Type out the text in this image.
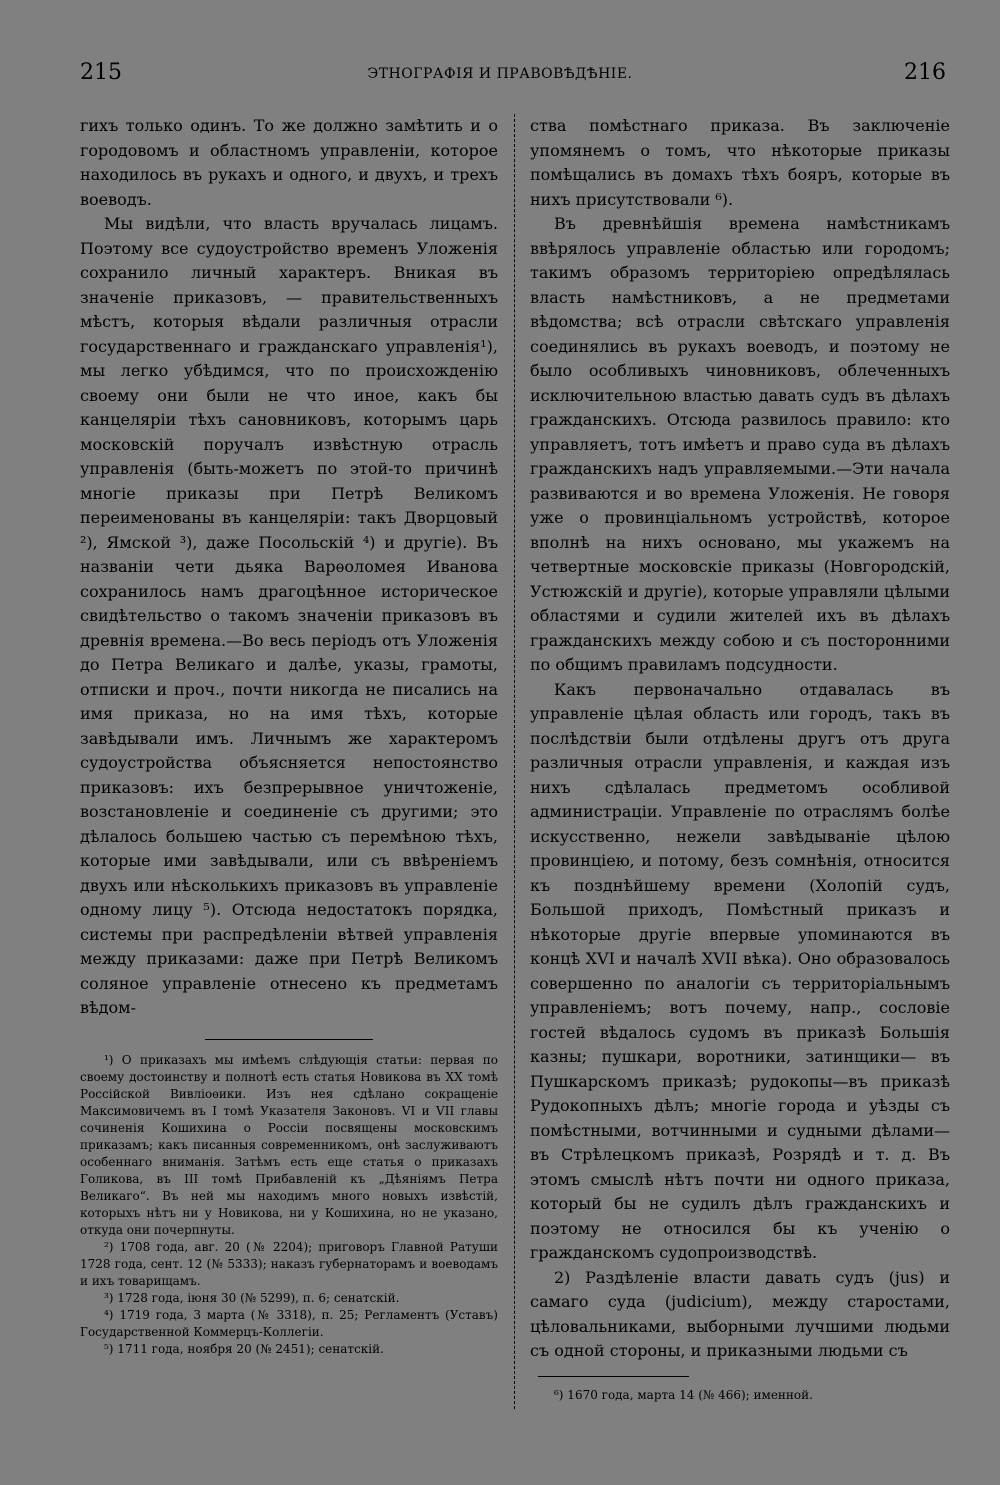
215	ЭТНОГРАФІЯ И ПРАВОВѢДѢНІЕ.	216

гихъ только одинъ. То же должно замѣтить и о городовомъ и областномъ управленіи, которое находилось въ рукахъ и одного, и двухъ, и трехъ воеводъ.

Мы видѣли, что власть вручалась лицамъ. Поэтому все судоустройство временъ Уложенія сохранило личный характеръ. Вникая въ значеніе приказовъ, — правительственныхъ мѣстъ, которыя вѣдали различныя отрасли государственнаго и гражданскаго управленія¹), мы легко убѣдимся, что по происхожденію своему они были не что иное, какъ бы канцеляріи тѣхъ сановниковъ, которымъ царь московскій поручалъ извѣстную отрасль управленія (быть-можетъ по этой-то причинѣ многіе приказы при Петрѣ Великомъ переименованы въ канцеляріи: такъ Дворцовый ²), Ямской ³), даже Посольскій ⁴) и другіе). Въ названіи чети дьяка Варѳоломея Иванова сохранилось намъ драгоцѣнное историческое свидѣтельство о такомъ значеніи приказовъ въ древнія времена.—Во весь періодъ отъ Уложенія до Петра Великаго и далѣе, указы, грамоты, отписки и проч., почти никогда не писались на имя приказа, но на имя тѣхъ, которые завѣдывали имъ. Личнымъ же характеромъ судоустройства объясняется непостоянство приказовъ: ихъ безпрерывное уничтоженіе, возстановленіе и соединеніе съ другими; это дѣлалось большею частью съ перемѣною тѣхъ, которые ими завѣдывали, или съ ввѣреніемъ двухъ или нѣсколькихъ приказовъ въ управленіе одному лицу ⁵). Отсюда недостатокъ порядка, системы при распредѣленіи вѣтвей управленія между приказами: даже при Петрѣ Великомъ соляное управленіе отнесено къ предметамъ вѣдом-

¹) О приказахъ мы имѣемъ слѣдующія статьи: первая по своему достоинству и полнотѣ есть статья Новикова въ XX томѣ Россійской Вивліоѳики. Изъ нея сдѣлано сокращеніе Максимовичемъ въ I томѣ Указателя Законовъ. VI и VII главы сочиненія Кошихина о Россіи посвящены московскимъ приказамъ; какъ писанныя современникомъ, онѣ заслуживаютъ особеннаго вниманія. Затѣмъ есть еще статья о приказахъ Голикова, въ III томѣ Прибавленій къ „Дѣяніямъ Петра Великаго“. Въ ней мы находимъ много новыхъ извѣстій, которыхъ нѣтъ ни у Новикова, ни у Кошихина, но не указано, откуда они почерпнуты.

²) 1708 года, авг. 20 (№ 2204); приговоръ Главной Ратуши 1728 года, сент. 12 (№ 5333); наказъ губернаторамъ и воеводамъ и ихъ товарищамъ.

³) 1728 года, іюня 30 (№ 5299), п. 6; сенатскій.

⁴) 1719 года, 3 марта (№ 3318), п. 25; Регламентъ (Уставъ) Государственной Коммерцъ-Коллегіи.

⁵) 1711 года, ноября 20 (№ 2451); сенатскій.

ства помѣстнаго приказа. Въ заключеніе упомянемъ о томъ, что нѣкоторые приказы помѣщались въ домахъ тѣхъ бояръ, которые въ нихъ присутствовали ⁶).

Въ древнѣйшія времена намѣстникамъ ввѣрялось управленіе областью или городомъ; такимъ образомъ территоріею опредѣлялась власть намѣстниковъ, а не предметами вѣдомства; всѣ отрасли свѣтскаго управленія соединялись въ рукахъ воеводъ, и поэтому не было особливыхъ чиновниковъ, облеченныхъ исключительною властью давать судъ въ дѣлахъ гражданскихъ. Отсюда развилось правило: кто управляетъ, тотъ имѣетъ и право суда въ дѣлахъ гражданскихъ надъ управляемыми.—Эти начала развиваются и во времена Уложенія. Не говоря уже о провинціальномъ устройствѣ, которое вполнѣ на нихъ основано, мы укажемъ на четвертные московскіе приказы (Новгородскій, Устюжскій и другіе), которые управляли цѣлыми областями и судили жителей ихъ въ дѣлахъ гражданскихъ между собою и съ посторонними по общимъ правиламъ подсудности.

Какъ первоначально отдавалась въ управленіе цѣлая область или городъ, такъ въ послѣдствіи были отдѣлены другъ отъ друга различныя отрасли управленія, и каждая изъ нихъ сдѣлалась предметомъ особливой администраціи. Управленіе по отраслямъ болѣе искусственно, нежели завѣдываніе цѣлою провинціею, и потому, безъ сомнѣнія, относится къ позднѣйшему времени (Холопій судъ, Большой приходъ, Помѣстный приказъ и нѣкоторые другіе впервые упоминаются въ концѣ XVI и началѣ XVII вѣка). Оно образовалось совершенно по аналогіи съ территоріальнымъ управленіемъ; вотъ почему, напр., сословіе гостей вѣдалось судомъ въ приказѣ Большія казны; пушкари, воротники, затинщики— въ Пушкарскомъ приказѣ; рудокопы—въ приказѣ Рудокопныхъ дѣлъ; многіе города и уѣзды съ помѣстными, вотчинными и судными дѣлами—въ Стрѣлецкомъ приказѣ, Розрядѣ и т. д. Въ этомъ смыслѣ нѣтъ почти ни одного приказа, который бы не судилъ дѣлъ гражданскихъ и поэтому не относился бы къ ученію о гражданскомъ судопроизводствѣ.

2) Раздѣленіе власти давать судъ (jus) и самаго суда (judicium), между старостами, цѣловальниками, выборными лучшими людьми съ одной стороны, и приказными людьми съ

⁶) 1670 года, марта 14 (№ 466); именной.
